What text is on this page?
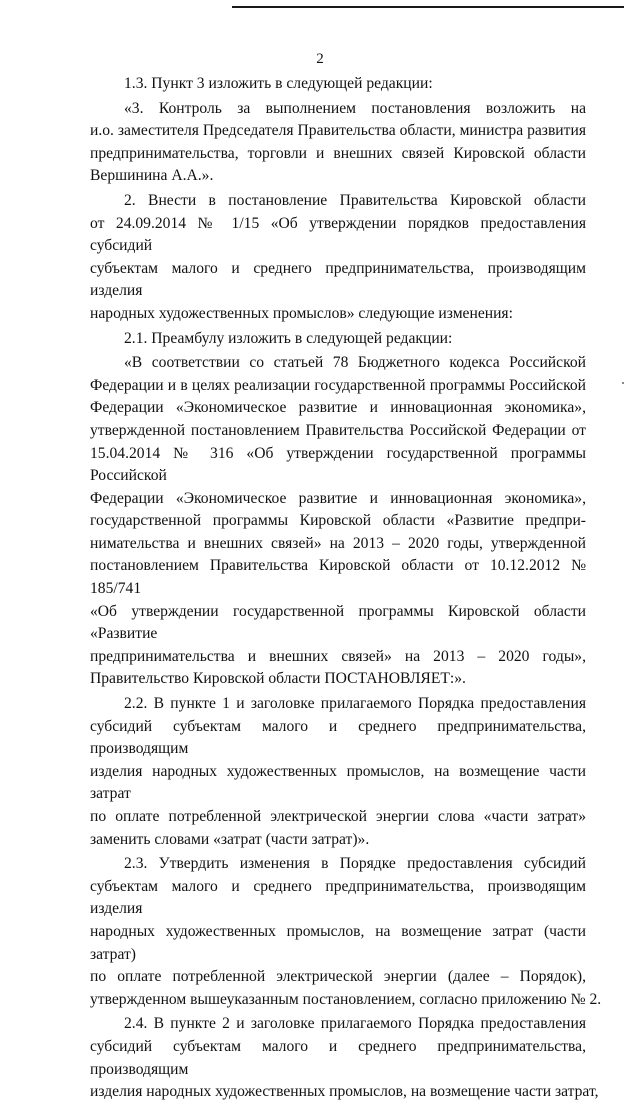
2
1.3. Пункт 3 изложить в следующей редакции:
«3. Контроль за выполнением постановления возложить на
и.о. заместителя Председателя Правительства области, министра развития
предпринимательства, торговли и внешних связей Кировской области
Вершинина А.А.».
2. Внести в постановление Правительства Кировской области
от 24.09.2014 № 1/15 «Об утверждении порядков предоставления субсидий
субъектам малого и среднего предпринимательства, производящим изделия
народных художественных промыслов» следующие изменения:
2.1. Преамбулу изложить в следующей редакции:
«В соответствии со статьей 78 Бюджетного кодекса Российской
Федерации и в целях реализации государственной программы Российской
Федерации «Экономическое развитие и инновационная экономика»,
утвержденной постановлением Правительства Российской Федерации от
15.04.2014 № 316 «Об утверждении государственной программы Российской
Федерации «Экономическое развитие и инновационная экономика»,
государственной программы Кировской области «Развитие предпри-
нимательства и внешних связей» на 2013 – 2020 годы, утвержденной
постановлением Правительства Кировской области от 10.12.2012 № 185/741
«Об утверждении государственной программы Кировской области «Развитие
предпринимательства и внешних связей» на 2013 – 2020 годы»,
Правительство Кировской области ПОСТАНОВЛЯЕТ:».
2.2. В пункте 1 и заголовке прилагаемого Порядка предоставления
субсидий субъектам малого и среднего предпринимательства, производящим
изделия народных художественных промыслов, на возмещение части затрат
по оплате потребленной электрической энергии слова «части затрат»
заменить словами «затрат (части затрат)».
2.3. Утвердить изменения в Порядке предоставления субсидий
субъектам малого и среднего предпринимательства, производящим изделия
народных художественных промыслов, на возмещение затрат (части затрат)
по оплате потребленной электрической энергии (далее – Порядок),
утвержденном вышеуказанным постановлением, согласно приложению № 2.
2.4. В пункте 2 и заголовке прилагаемого Порядка предоставления
субсидий субъектам малого и среднего предпринимательства, производящим
изделия народных художественных промыслов, на возмещение части затрат,
